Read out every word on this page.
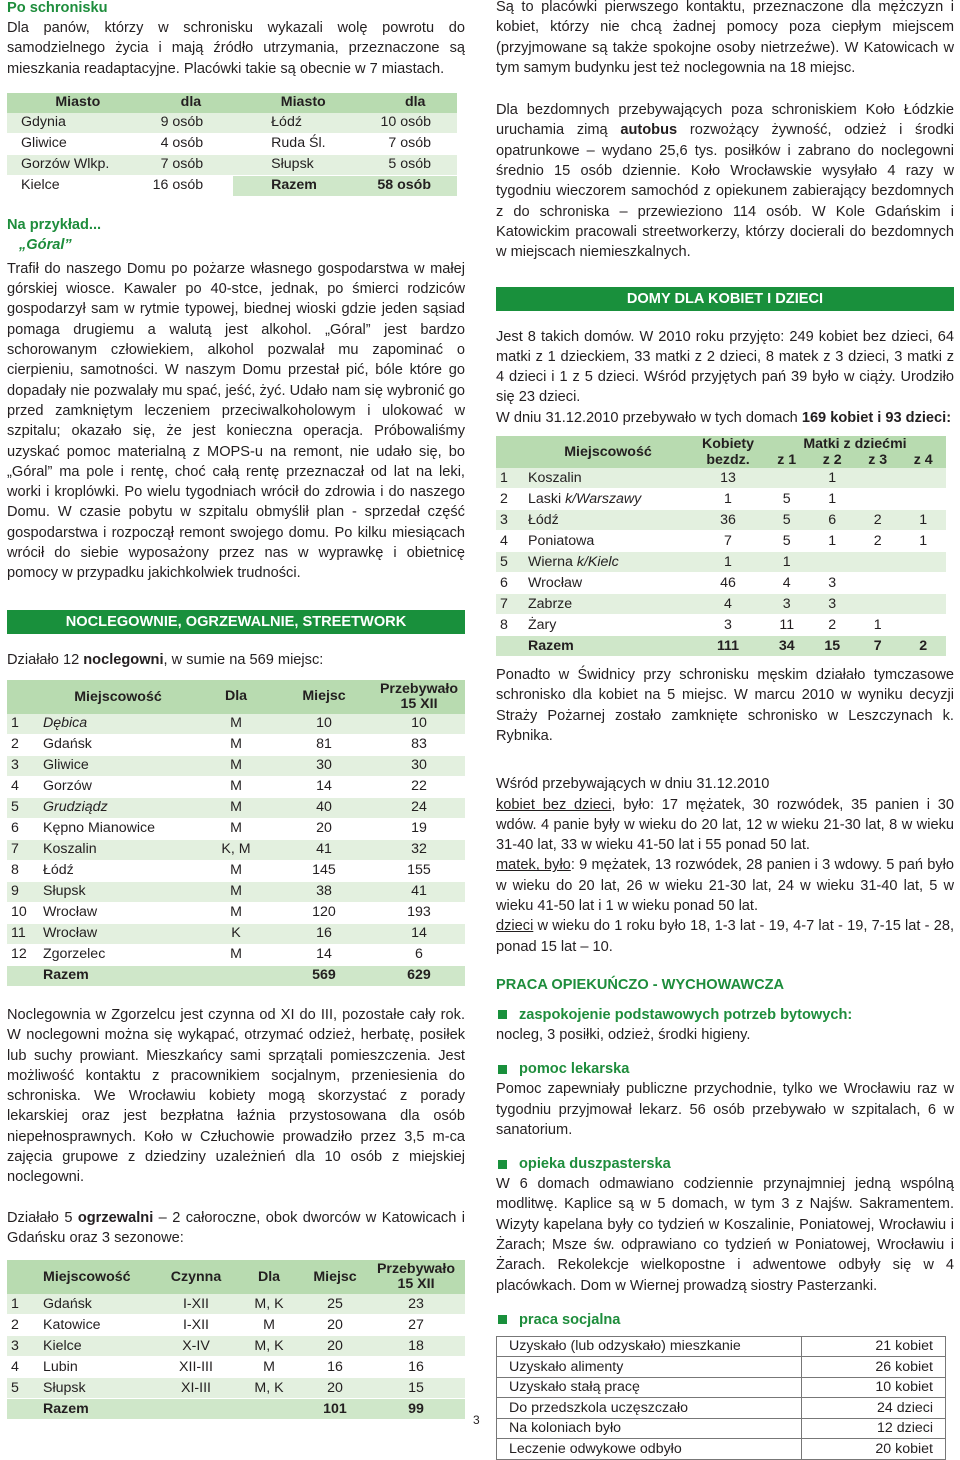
Po schronisku

Dla panów, którzy w schronisku wykazali wolę powrotu do samodzielnego życia i mają źródło utrzymania, przeznaczone są mieszkania readaptacyjne. Placówki takie są obecnie w 7 miastach.

Miasto	dla	Miasto	dla
Gdynia	9 osób	Łódź	10 osób
Gliwice	4 osób	Ruda Śl.	7 osób
Gorzów Wlkp.	7 osób	Słupsk	5 osób
Kielce	16 osób	Razem	58 osób
Na przykład...
„Góral”

Trafił do naszego Domu po pożarze własnego gospodarstwa w małej górskiej wiosce. Kawaler po 40-stce, jednak, po śmierci rodziców gospodarzył sam w rytmie typowej, biednej wioski gdzie jeden sąsiad pomaga drugiemu a walutą jest alkohol. „Góral” jest bardzo schorowanym człowiekiem, alkohol pozwalał mu zapominać o cierpieniu, samotności. W naszym Domu przestał pić, bóle które go dopadały nie pozwalały mu spać, jeść, żyć. Udało nam się wybronić go przed zamkniętym leczeniem przeciwalkoholowym i ulokować w szpitalu; okazało się, że jest konieczna operacja. Próbowaliśmy uzyskać pomoc materialną z MOPS-u na remont, nie udało się, bo „Góral” ma pole i rentę, choć całą rentę przeznaczał od lat na leki, worki i kroplówki. Po wielu tygodniach wrócił do zdrowia i do naszego Domu. W czasie pobytu w szpitalu obmyślił plan - sprzedał część gospodarstwa i rozpoczął remont swojego domu. Po kilku miesiącach wrócił do siebie wyposażony przez nas w wyprawkę i obietnicę pomocy w przypadku jakichkolwiek trudności.

NOCLEGOWNIE, OGRZEWALNIE, STREETWORK

Działało 12 noclegowni, w sumie na 569 miejsc:

	Miejscowość	Dla	Miejsc	Przebywało
15 XII
1	Dębica	M	10	10
2	Gdańsk	M	81	83
3	Gliwice	M	30	30
4	Gorzów	M	14	22
5	Grudziądz	M	40	24
6	Kępno Mianowice	M	20	19
7	Koszalin	K, M	41	32
8	Łódź	M	145	155
9	Słupsk	M	38	41
10	Wrocław	M	120	193
11	Wrocław	K	16	14
12	Zgorzelec	M	14	6
	Razem		569	629

Noclegownia w Zgorzelcu jest czynna od XI do III, pozostałe cały rok. W noclegowni można się wykąpać, otrzymać odzież, herbatę, posiłek lub suchy prowiant. Mieszkańcy sami sprzątali pomieszczenia. Jest możliwość kontaktu z pracownikiem socjalnym, przeniesienia do schroniska. We Wrocławiu kobiety mogą skorzystać z porady lekarskiej oraz jest bezpłatna łaźnia przystosowana dla osób niepełnosprawnych. Koło w Człuchowie prowadziło przez 3,5 m-ca zajęcia grupowe z dziedziny uzależnień dla 10 osób z miejskiej noclegowni.

Działało 5 ogrzewalni – 2 całoroczne, obok dworców w Katowicach i Gdańsku oraz 3 sezonowe:

	Miejscowość	Czynna	Dla	Miejsc	Przebywało
15 XII
1	Gdańsk	I-XII	M, K	25	23
2	Katowice	I-XII	M	20	27
3	Kielce	X-IV	M, K	20	18
4	Lubin	XII-III	M	16	16
5	Słupsk	XI-III	M, K	20	15
	Razem			101	99

Są to placówki pierwszego kontaktu, przeznaczone dla mężczyzn i kobiet, którzy nie chcą żadnej pomocy poza ciepłym miejscem (przyjmowane są także spokojne osoby nietrzeźwe). W Katowicach w tym samym budynku jest też noclegownia na 18 miejsc.

Dla bezdomnych przebywających poza schroniskiem Koło Łódzkie uruchamia zimą autobus rozwożący żywność, odzież i środki opatrunkowe – wydano 25,6 tys. posiłków i zabrano do noclegowni średnio 15 osób dziennie. Koło Wrocławskie wysyłało 4 razy w tygodniu wieczorem samochód z opiekunem zabierający bezdomnych z do schroniska – przewieziono 114 osób. W Kole Gdańskim i Katowickim pracowali streetworkerzy, którzy docierali do bezdomnych w miejscach niemieszkalnych.

DOMY DLA KOBIET I DZIECI

Jest 8 takich domów. W 2010 roku przyjęto: 249 kobiet bez dzieci, 64 matki z 1 dzieckiem, 33 matki z 2 dzieci, 8 matek z 3 dzieci, 3 matki z 4 dzieci i 1 z 5 dzieci. Wśród przyjętych pań 39 było w ciąży. Urodziło się 23 dzieci.

W dniu 31.12.2010 przebywało w tych domach 169 kobiet i 93 dzieci:

	Miejscowość	Kobiety	Matki z dziećmi			
		bezdz.	z 1	z 2	z 3	z 4
1	Koszalin	13		1		
2	Laski k/Warszawy	1	5	1		
3	Łódź	36	5	6	2	1
4	Poniatowa	7	5	1	2	1
5	Wierna k/Kielc	1	1			
6	Wrocław	46	4	3		
7	Zabrze	4	3	3		
8	Żary	3	11	2	1	
	Razem	111	34	15	7	2

Ponadto w Świdnicy przy schronisku męskim działało tymczasowe schronisko dla kobiet na 5 miejsc. W marcu 2010 w wyniku decyzji Straży Pożarnej zostało zamknięte schronisko w Leszczynach k. Rybnika.

Wśród przebywających w dniu 31.12.2010

kobiet bez dzieci, było: 17 mężatek, 30 rozwódek, 35 panien i 30 wdów. 4 panie były w wieku do 20 lat, 12 w wieku 21-30 lat, 8 w wieku 31-40 lat, 33 w wieku 41-50 lat i 55 ponad 50 lat.

matek, było: 9 mężatek, 13 rozwódek, 28 panien i 3 wdowy. 5 pań było w wieku do 20 lat, 26 w wieku 21-30 lat, 24 w wieku 31-40 lat, 5 w wieku 41-50 lat i 1 w wieku ponad 50 lat.

dzieci w wieku do 1 roku było 18, 1-3 lat - 19, 4-7 lat - 19, 7-15 lat - 28, ponad 15 lat – 10.

PRACA OPIEKUŃCZO - WYCHOWAWCZA
zaspokojenie podstawowych potrzeb bytowych:

nocleg, 3 posiłki, odzież, środki higieny.

pomoc lekarska

Pomoc zapewniały publiczne przychodnie, tylko we Wrocławiu raz w tygodniu przyjmował lekarz. 56 osób przebywało w szpitalach, 6 w sanatorium.

opieka duszpasterska

W 6 domach odmawiano codziennie przynajmniej jedną wspólną modlitwę. Kaplice są w 5 domach, w tym 3 z Najśw. Sakramentem. Wizyty kapelana były co tydzień w Koszalinie, Poniatowej, Wrocławiu i Żarach; Msze św. odprawiano co tydzień w Poniatowej, Wrocławiu i Żarach. Rekolekcje wielkopostne i adwentowe odbyły się w 4 placówkach. Dom w Wiernej prowadzą siostry Pasterzanki.

praca socjalna
Uzyskało (lub odzyskało) mieszkanie	21 kobiet
Uzyskało alimenty	26 kobiet
Uzyskało stałą pracę	10 kobiet
Do przedszkola uczęszczało	24 dzieci
Na koloniach było	12 dzieci
Leczenie odwykowe odbyło	20 kobiet
3
